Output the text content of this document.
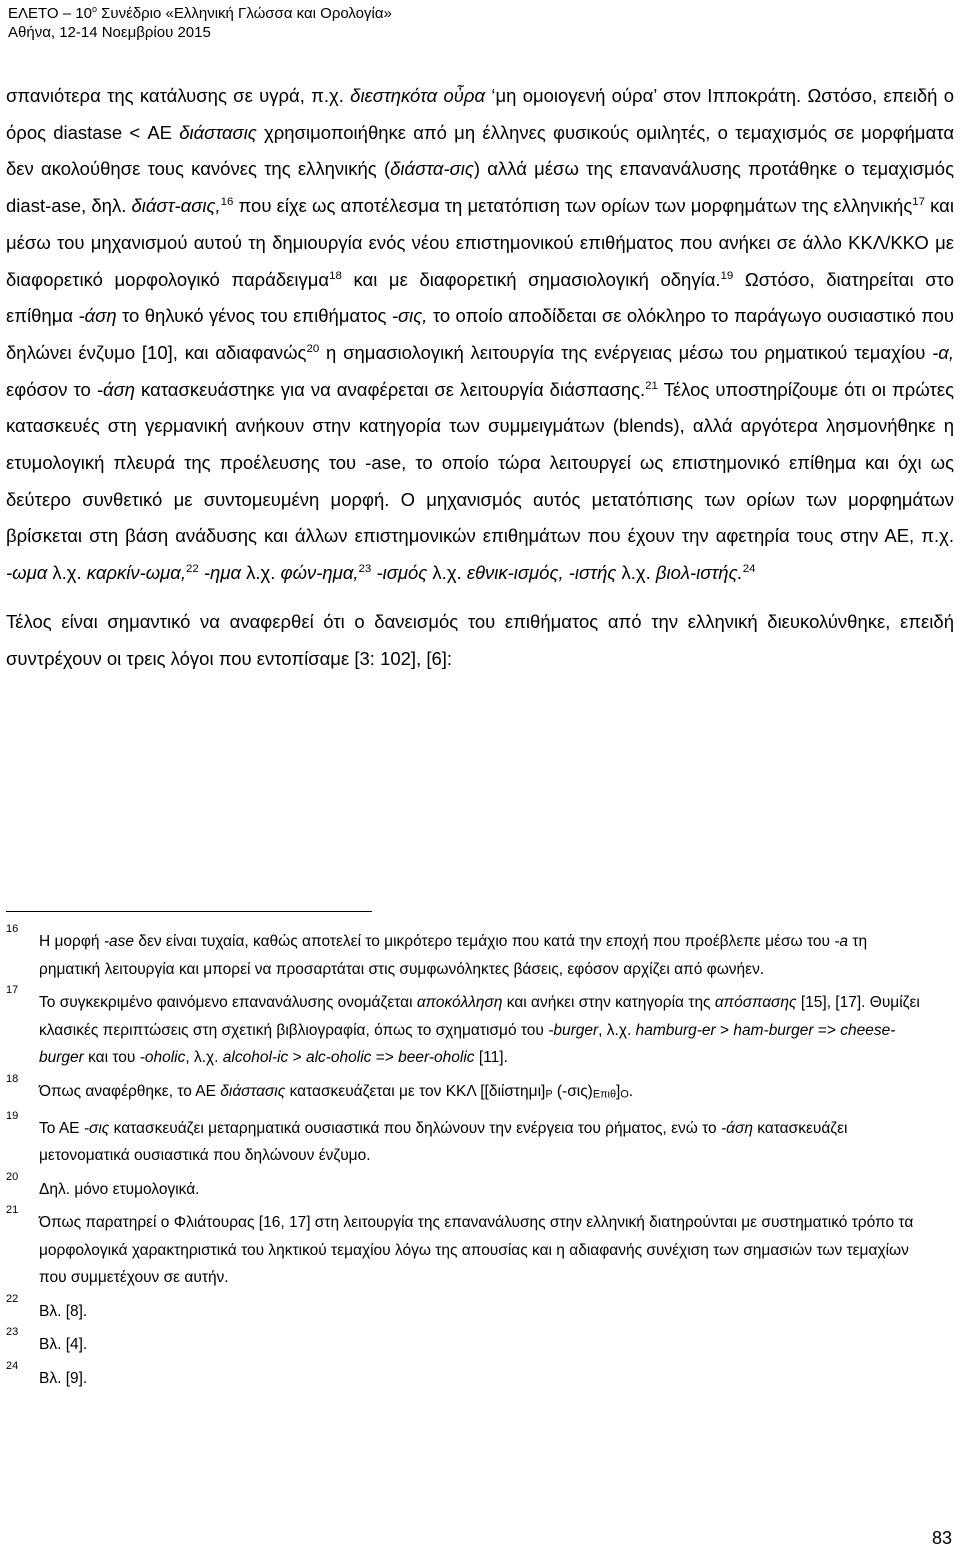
ΕΛΕΤΟ – $10^o$ Συνέδριο «Ελληνική Γλώσσα και Ορολογία»
Αθήνα, 12-14 Νοεμβρίου 2015

σπανιότερα της κατάλυσης σε υγρά, π.χ. διεστηκότα οὖρα ‘μη ομοιογενή ούρα’ στον Ιπποκράτη. Ωστόσο, επειδή ο όρος diastase < ΑΕ διάστασις χρησιμοποιήθηκε από μη έλληνες φυσικούς ομιλητές, ο τεμαχισμός σε μορφήματα δεν ακολούθησε τους κανόνες της ελληνικής (διάστα-σις) αλλά μέσω της επανανάλυσης προτάθηκε ο τεμαχισμός diast-ase, δηλ. διάστ-ασις,$^{16}$ που είχε ως αποτέλεσμα τη μετατόπιση των ορίων των μορφημάτων της ελληνικής$^{17}$ και μέσω του μηχανισμού αυτού τη δημιουργία ενός νέου επιστημονικού επιθήματος που ανήκει σε άλλο ΚΚΛ/ΚΚΟ με διαφορετικό μορφολογικό παράδειγμα$^{18}$ και με διαφορετική σημασιολογική οδηγία.$^{19}$ Ωστόσο, διατηρείται στο επίθημα -άση το θηλυκό γένος του επιθήματος -σις, το οποίο αποδίδεται σε ολόκληρο το παράγωγο ουσιαστικό που δηλώνει ένζυμο [10], και αδιαφανώς$^{20}$ η σημασιολογική λειτουργία της ενέργειας μέσω του ρηματικού τεμαχίου -α, εφόσον το -άση κατασκευάστηκε για να αναφέρεται σε λειτουργία διάσπασης.$^{21}$ Τέλος υποστηρίζουμε ότι οι πρώτες κατασκευές στη γερμανική ανήκουν στην κατηγορία των συμμειγμάτων (blends), αλλά αργότερα λησμονήθηκε η ετυμολογική πλευρά της προέλευσης του -ase, το οποίο τώρα λειτουργεί ως επιστημονικό επίθημα και όχι ως δεύτερο συνθετικό με συντομευμένη μορφή. Ο μηχανισμός αυτός μετατόπισης των ορίων των μορφημάτων βρίσκεται στη βάση ανάδυσης και άλλων επιστημονικών επιθημάτων που έχουν την αφετηρία τους στην ΑΕ, π.χ. -ωμα λ.χ. καρκίν-ωμα,$^{22}$ -ημα λ.χ. φών-ημα,$^{23}$ -ισμός λ.χ. εθνικ-ισμός, -ιστής λ.χ. βιολ-ιστής.$^{24}$

Τέλος είναι σημαντικό να αναφερθεί ότι ο δανεισμός του επιθήματος από την ελληνική διευκολύνθηκε, επειδή συντρέχουν οι τρεις λόγοι που εντοπίσαμε [3: 102], [6]:

16
Η μορφή -ase δεν είναι τυχαία, καθώς αποτελεί το μικρότερο τεμάχιο που κατά την εποχή που προέβλεπε μέσω του -a τη ρηματική λειτουργία και μπορεί να προσαρτάται στις συμφωνόληκτες βάσεις, εφόσον αρχίζει από φωνήεν.
17
Το συγκεκριμένο φαινόμενο επανανάλυσης ονομάζεται αποκόλληση και ανήκει στην κατηγορία της απόσπασης [15], [17]. Θυμίζει κλασικές περιπτώσεις στη σχετική βιβλιογραφία, όπως το σχηματισμό του -burger, λ.χ. hamburg-er > ham-burger => cheese-burger και του -oholic, λ.χ. alcohol-ic > alc-oholic => beer-oholic [11].
18
Όπως αναφέρθηκε, το ΑΕ διάστασις κατασκευάζεται με τον ΚΚΛ [[διίστημι]Ρ (-σις)Επιθ]Ο.
19
Το ΑΕ -σις κατασκευάζει μεταρηματικά ουσιαστικά που δηλώνουν την ενέργεια του ρήματος, ενώ το -άση κατασκευάζει μετονοματικά ουσιαστικά που δηλώνουν ένζυμο.
20
Δηλ. μόνο ετυμολογικά.
21
Όπως παρατηρεί ο Φλιάτουρας [16, 17] στη λειτουργία της επανανάλυσης στην ελληνική διατηρούνται με συστηματικό τρόπο τα μορφολογικά χαρακτηριστικά του ληκτικού τεμαχίου λόγω της απουσίας και η αδιαφανής συνέχιση των σημασιών των τεμαχίων που συμμετέχουν σε αυτήν.
22
Βλ. [8].
23
Βλ. [4].
24
Βλ. [9].
83
